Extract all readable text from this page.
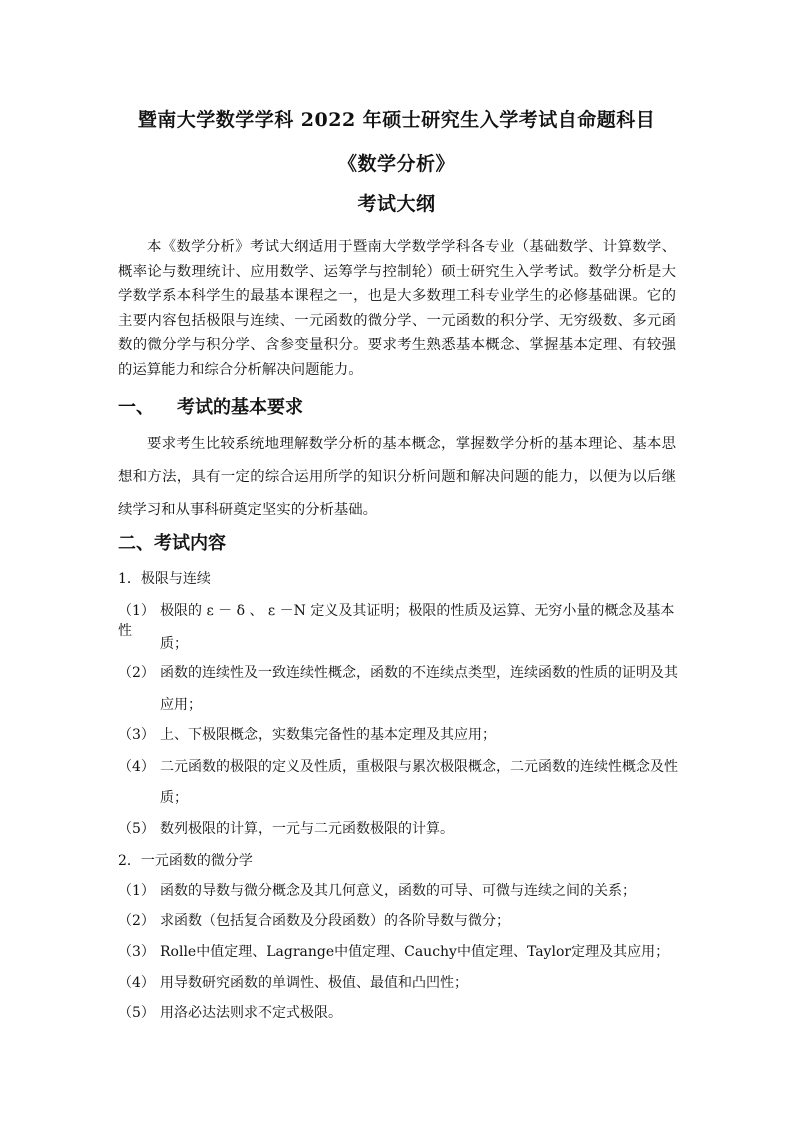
暨南大学数学学科 2022 年硕士研究生入学考试自命题科目
《数学分析》
考试大纲

本《数学分析》考试大纲适用于暨南大学数学学科各专业（基础数学、计算数学、概率论与数理统计、应用数学、运筹学与控制轮）硕士研究生入学考试。数学分析是大学数学系本科学生的最基本课程之一，也是大多数理工科专业学生的必修基础课。它的主要内容包括极限与连续、一元函数的微分学、一元函数的积分学、无穷级数、多元函数的微分学与积分学、含参变量积分。要求考生熟悉基本概念、掌握基本定理、有较强的运算能力和综合分析解决问题能力。

一、 考试的基本要求

要求考生比较系统地理解数学分析的基本概念，掌握数学分析的基本理论、基本思想和方法，具有一定的综合运用所学的知识分析问题和解决问题的能力，以便为以后继续学习和从事科研奠定坚实的分析基础。

二、考试内容
1．极限与连续
（1） 极限的 ε － δ 、 ε －N 定义及其证明；极限的性质及运算、无穷小量的概念及基本性
质；
（2） 函数的连续性及一致连续性概念，函数的不连续点类型，连续函数的性质的证明及其
应用；
（3） 上、下极限概念，实数集完备性的基本定理及其应用；
（4） 二元函数的极限的定义及性质，重极限与累次极限概念，二元函数的连续性概念及性
质；
（5） 数列极限的计算，一元与二元函数极限的计算。
2．一元函数的微分学
（1） 函数的导数与微分概念及其几何意义，函数的可导、可微与连续之间的关系；
（2） 求函数（包括复合函数及分段函数）的各阶导数与微分；
（3） Rolle中值定理、Lagrange中值定理、Cauchy中值定理、Taylor定理及其应用；
（4） 用导数研究函数的单调性、极值、最值和凸凹性；
（5） 用洛必达法则求不定式极限。
